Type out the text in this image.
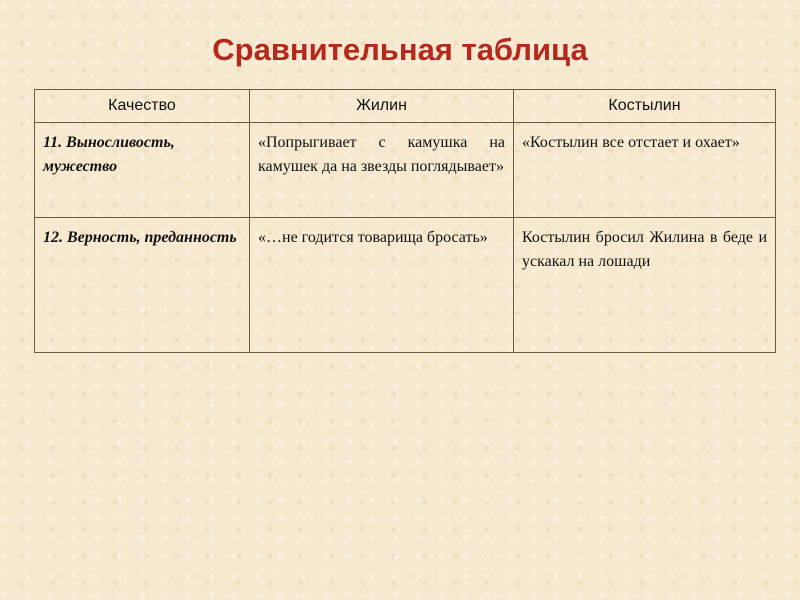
Сравнительная таблица
Качество	Жилин	Костылин
11. Выносливость, мужество	«Попрыгивает с камушка на камушек да на звезды поглядывает»	«Костылин все отстает и охает»
12. Верность, преданность	«…не годится товарища бросать»	Костылин бросил Жилина в беде и ускакал на лошади
